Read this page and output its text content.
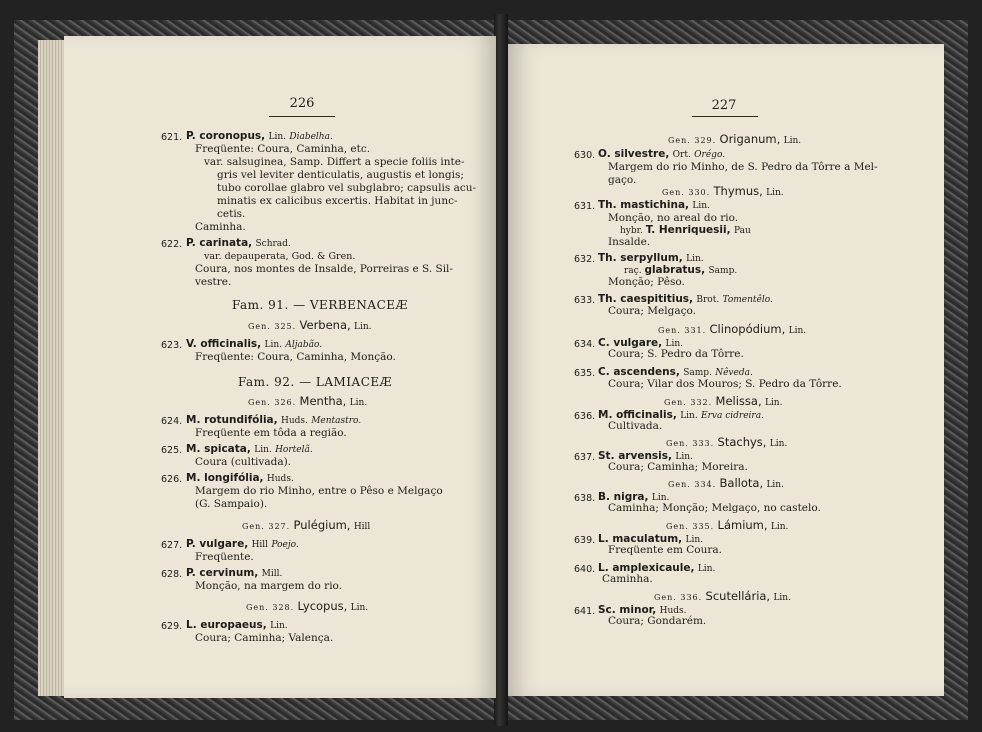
226
621. P. coronopus, Lin. Diabelha.
Freqüente: Coura, Caminha, etc.
var. salsuginea, Samp. Differt a specie foliis inte-
gris vel leviter denticulatis, augustis et longis;
tubo corollae glabro vel subglabro; capsulis acu-
minatis ex calicibus excertis. Habitat in junc-
cetis.
Caminha.
622. P. carinata, Schrad.
var. depauperata, God. & Gren.
Coura, nos montes de Insalde, Porreiras e S. Sil-
vestre.
Fam. 91. — VERBENACEÆ
Gen. 325. Verbena, Lin.
623. V. officinalis, Lin. Aljabão.
Freqüente: Coura, Caminha, Monção.
Fam. 92. — LAMIACEÆ
Gen. 326. Mentha, Lin.
624. M. rotundifólia, Huds. Mentastro.
Freqüente em tôda a região.
625. M. spicata, Lin. Hortelã.
Coura (cultivada).
626. M. longifólia, Huds.
Margem do rio Minho, entre o Pêso e Melgaço
(G. Sampaio).
Gen. 327. Pulégium, Hill
627. P. vulgare, Hill Poejo.
Freqüente.
628. P. cervinum, Mill.
Monção, na margem do rio.
Gen. 328. Lycopus, Lin.
629. L. europaeus, Lin.
Coura; Caminha; Valença.
227
Gen. 329. Origanum, Lin.
630. O. silvestre, Ort. Orégo.
Margem do rio Minho, de S. Pedro da Tôrre a Mel-
gaço.
Gen. 330. Thymus, Lin.
631. Th. mastichina, Lin.
Monção, no areal do rio.
hybr. T. Henriquesii, Pau
Insalde.
632. Th. serpyllum, Lin.
raç. glabratus, Samp.
Monção; Pêso.
633. Th. caespititius, Brot. Tomentêlo.
Coura; Melgaço.
Gen. 331. Clinopódium, Lin.
634. C. vulgare, Lin.
Coura; S. Pedro da Tôrre.
635. C. ascendens, Samp. Nêveda.
Coura; Vilar dos Mouros; S. Pedro da Tôrre.
Gen. 332. Melissa, Lin.
636. M. officinalis, Lin. Erva cidreira.
Cultivada.
Gen. 333. Stachys, Lin.
637. St. arvensis, Lin.
Coura; Caminha; Moreira.
Gen. 334. Ballota, Lin.
638. B. nigra, Lin.
Caminha; Monção; Melgaço, no castelo.
Gen. 335. Lámium, Lin.
639. L. maculatum, Lin.
Freqüente em Coura.
640. L. amplexicaule, Lin.
Caminha.
Gen. 336. Scutellária, Lin.
641. Sc. minor, Huds.
Coura; Gondarém.
